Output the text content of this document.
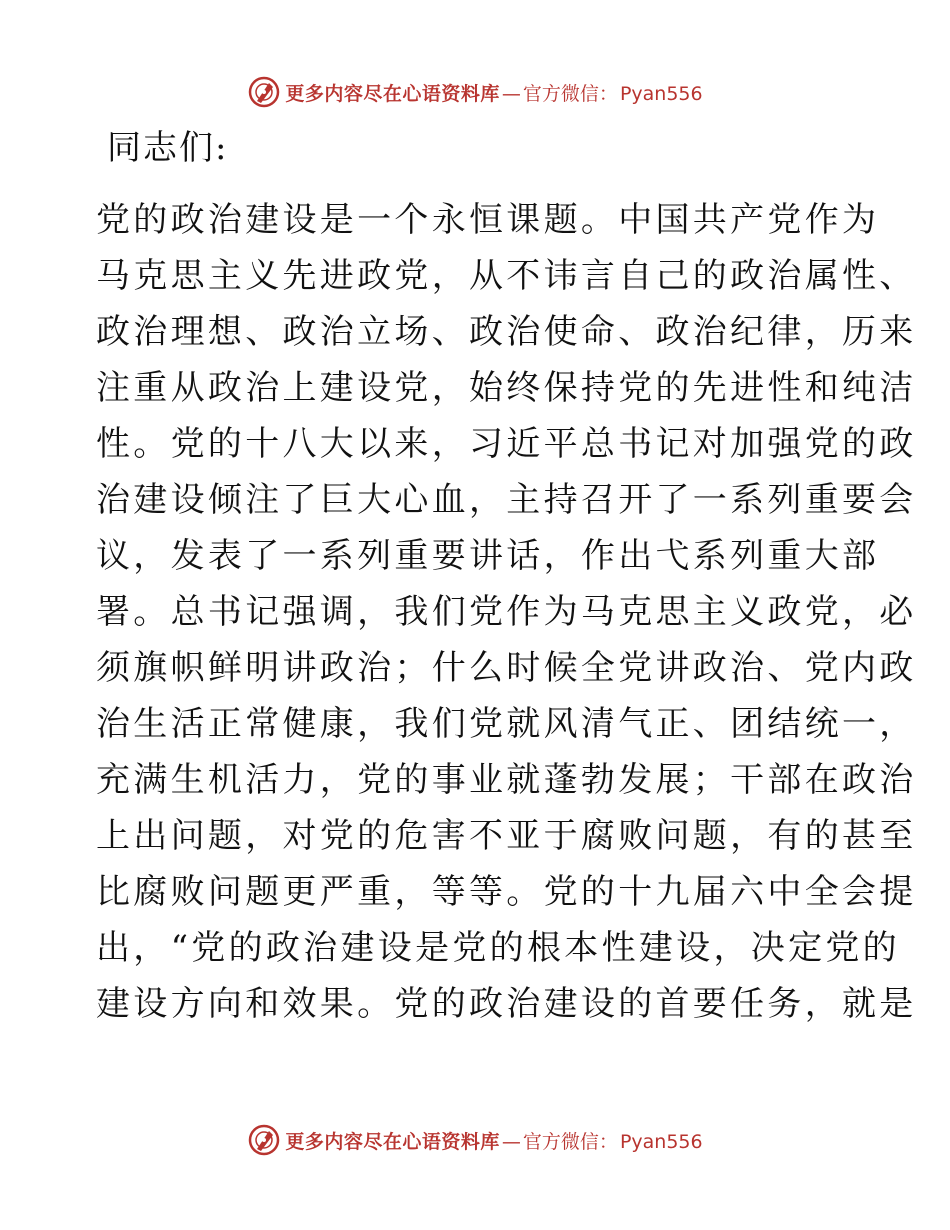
更多内容尽在心语资料库 — 官方微信： Pyan556
同志们:
党的政治建设是一个永恒课题。中国共产党作为
马克思主义先进政党，从不讳言自己的政治属性、
政治理想、政治立场、政治使命、政治纪律，历来
注重从政治上建设党，始终保持党的先进性和纯洁
性。党的十八大以来，习近平总书记对加强党的政
治建设倾注了巨大心血，主持召开了一系列重要会
议，发表了一系列重要讲话，作出弋系列重大部
署。总书记强调，我们党作为马克思主义政党，必
须旗帜鲜明讲政治；什么时候全党讲政治、党内政
治生活正常健康，我们党就风清气正、团结统一，
充满生机活力，党的事业就蓬勃发展；干部在政治
上出问题，对党的危害不亚于腐败问题，有的甚至
比腐败问题更严重，等等。党的十九届六中全会提
出，“党的政治建设是党的根本性建设，决定党的
建设方向和效果。党的政治建设的首要任务，就是
更多内容尽在心语资料库 — 官方微信： Pyan556
